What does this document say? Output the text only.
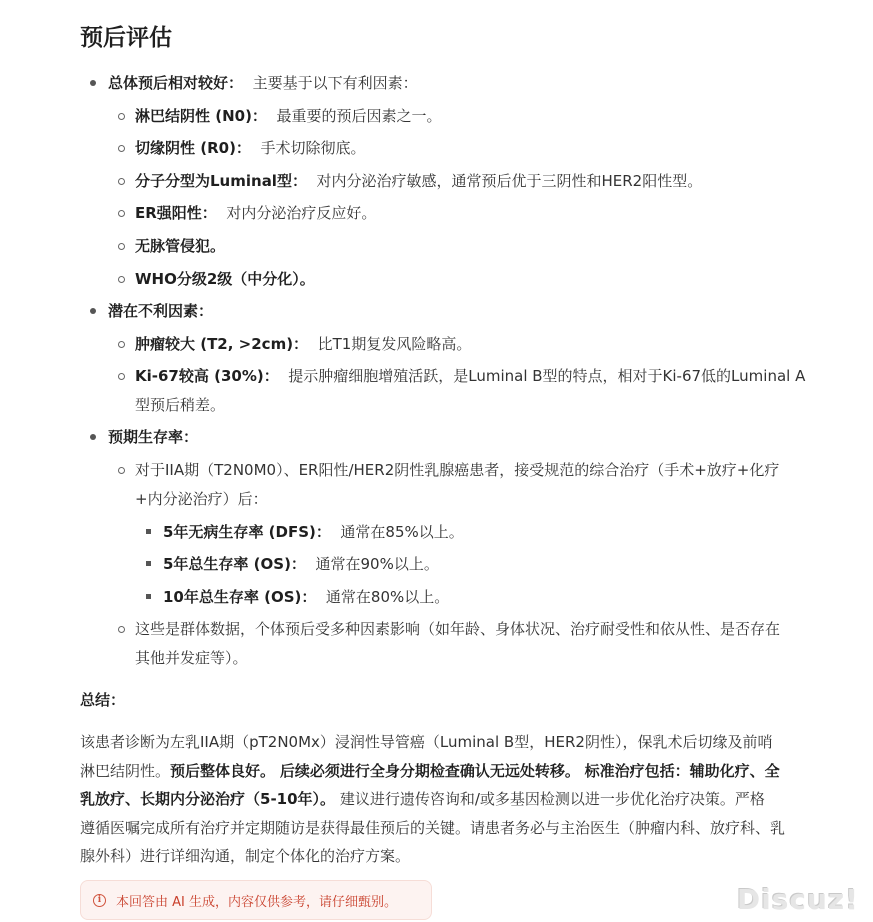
预后评估
总体预后相对较好： 主要基于以下有利因素：
淋巴结阴性 (N0)： 最重要的预后因素之一。
切缘阴性 (R0)： 手术切除彻底。
分子分型为Luminal型： 对内分泌治疗敏感，通常预后优于三阴性和HER2阳性型。
ER强阳性： 对内分泌治疗反应好。
无脉管侵犯。
WHO分级2级（中分化）。
潜在不利因素：
肿瘤较大 (T2, >2cm)： 比T1期复发风险略高。
Ki-67较高 (30%)： 提示肿瘤细胞增殖活跃，是Luminal B型的特点，相对于Ki-67低的Luminal A
型预后稍差。
预期生存率：
对于IIA期（T2N0M0）、ER阳性/HER2阴性乳腺癌患者，接受规范的综合治疗（手术+放疗+化疗
+内分泌治疗）后：
5年无病生存率 (DFS)： 通常在85%以上。
5年总生存率 (OS)： 通常在90%以上。
10年总生存率 (OS)： 通常在80%以上。
这些是群体数据，个体预后受多种因素影响（如年龄、身体状况、治疗耐受性和依从性、是否存在
其他并发症等）。
总结：
该患者诊断为左乳IIA期（pT2N0Mx）浸润性导管癌（Luminal B型，HER2阴性），保乳术后切缘及前哨
淋巴结阴性。预后整体良好。 后续必须进行全身分期检查确认无远处转移。 标准治疗包括：辅助化疗、全
乳放疗、长期内分泌治疗（5-10年）。 建议进行遗传咨询和/或多基因检测以进一步优化治疗决策。严格
遵循医嘱完成所有治疗并定期随访是获得最佳预后的关键。请患者务必与主治医生（肿瘤内科、放疗科、乳
腺外科）进行详细沟通，制定个体化的治疗方案。
i	本回答由 AI 生成，内容仅供参考，请仔细甄别。	Discuz!
